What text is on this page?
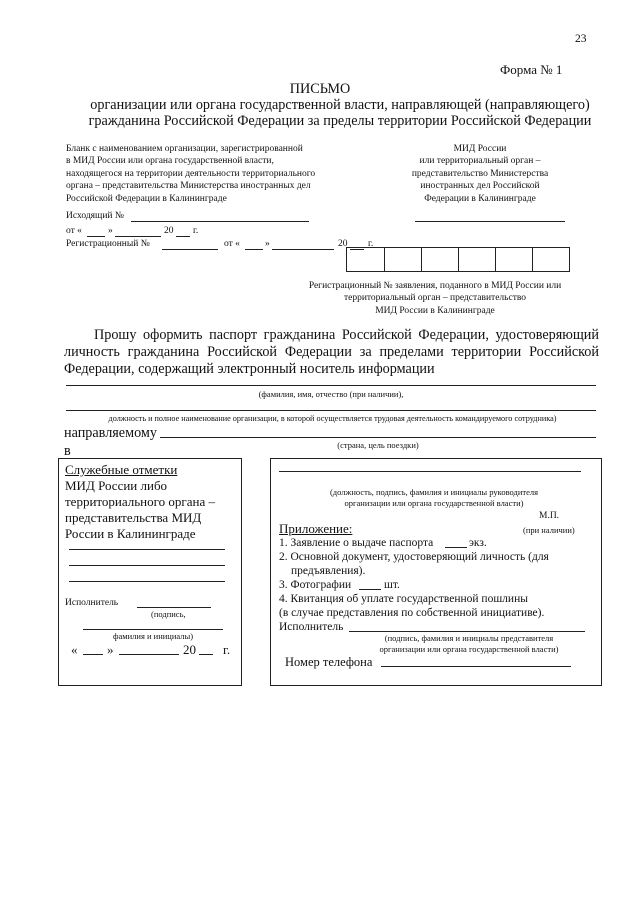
23
Форма № 1
ПИСЬМО
организации или органа государственной власти, направляющей (направляющего)
гражданина Российской Федерации за пределы территории Российской Федерации
Бланк с наименованием организации, зарегистрированной
в МИД России или органа государственной власти,
находящегося на территории деятельности территориального
органа – представительства Министерства иностранных дел
Российской Федерации в Калининграде
МИД России
или территориальный орган –
представительство Министерства
иностранных дел Российской
Федерации в Калининграде
Исходящий №
от «	»	20 г.
Регистрационный №	от «	»	20 г.
Регистрационный № заявления, поданного в МИД России или
территориальный орган – представительство
МИД России в Калининграде
Прошу оформить паспорт гражданина Российской Федерации, удостоверяющий
личность гражданина Российской Федерации за пределами территории Российской
Федерации, содержащий электронный носитель информации
(фамилия, имя, отчество (при наличии),
должность и полное наименование организации, в которой осуществляется трудовая деятельность командируемого сотрудника)
направляемому в	(страна, цель поездки)
Служебные отметки
МИД России либо
территориального органа –
представительства МИД
России в Калининграде
Исполнитель
(подпись,
фамилия и инициалы)
« »	20 г.
(должность, подпись, фамилия и инициалы руководителя
организации или органа государственной власти)
М.П.
Приложение:	(при наличии)
1. Заявление о выдаче паспорта	экз.
2. Основной документ, удостоверяющий личность (для
предъявления).
3. Фотографии	шт.
4. Квитанция об уплате государственной пошлины
(в случае представления по собственной инициативе).
Исполнитель
(подпись, фамилия и инициалы представителя
организации или органа государственной власти)
Номер телефона
